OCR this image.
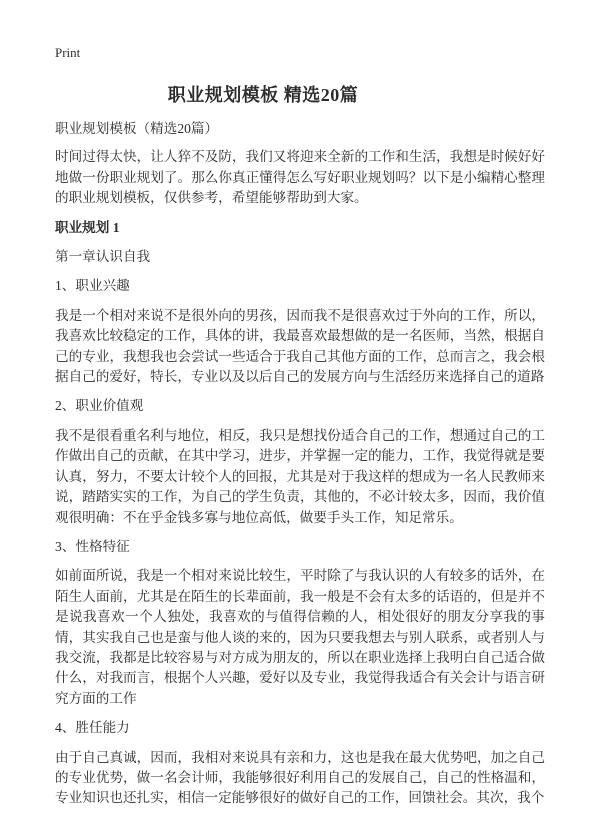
Print
职业规划模板 精选20篇

职业规划模板（精选20篇）

时间过得太快，让人猝不及防，我们又将迎来全新的工作和生活，我想是时候好好地做一份职业规划了。那么你真正懂得怎么写好职业规划吗？以下是小编精心整理的职业规划模板，仅供参考，希望能够帮助到大家。

职业规划 1

第一章认识自我

1、职业兴趣

我是一个相对来说不是很外向的男孩，因而我不是很喜欢过于外向的工作，所以，我喜欢比较稳定的工作，具体的讲，我最喜欢最想做的是一名医师，当然，根据自己的专业，我想我也会尝试一些适合于我自己其他方面的工作，总而言之，我会根据自己的爱好，特长，专业以及以后自己的发展方向与生活经历来选择自己的道路

2、职业价值观

我不是很看重名利与地位，相反，我只是想找份适合自己的工作，想通过自己的工作做出自己的贡献，在其中学习，进步，并掌握一定的能力，工作，我觉得就是要认真，努力，不要太计较个人的回报，尤其是对于我这样的想成为一名人民教师来说，踏踏实实的工作，为自己的学生负责，其他的，不必计较太多，因而，我价值观很明确：不在乎金钱多寡与地位高低，做要手头工作，知足常乐。

3、性格特征

如前面所说，我是一个相对来说比较生，平时除了与我认识的人有较多的话外，在陌生人面前，尤其是在陌生的长辈面前，我一般是不会有太多的话语的，但是并不是说我喜欢一个人独处，我喜欢的与值得信赖的人，相处很好的朋友分享我的事情，其实我自己也是蛮与他人谈的来的，因为只要我想去与别人联系，或者别人与我交流，我都是比较容易与对方成为朋友的，所以在职业选择上我明白自己适合做什么，对我而言，根据个人兴趣，爱好以及专业，我觉得我适合有关会计与语言研究方面的工作

4、胜任能力

由于自己真诚，因而，我相对来说具有亲和力，这也是我在最大优势吧，加之自己的专业优势，做一名会计师，我能够很好利用自己的发展自己，自己的性格温和，专业知识也还扎实，相信一定能够很好的做好自己的工作，回馈社会。其次，我个
